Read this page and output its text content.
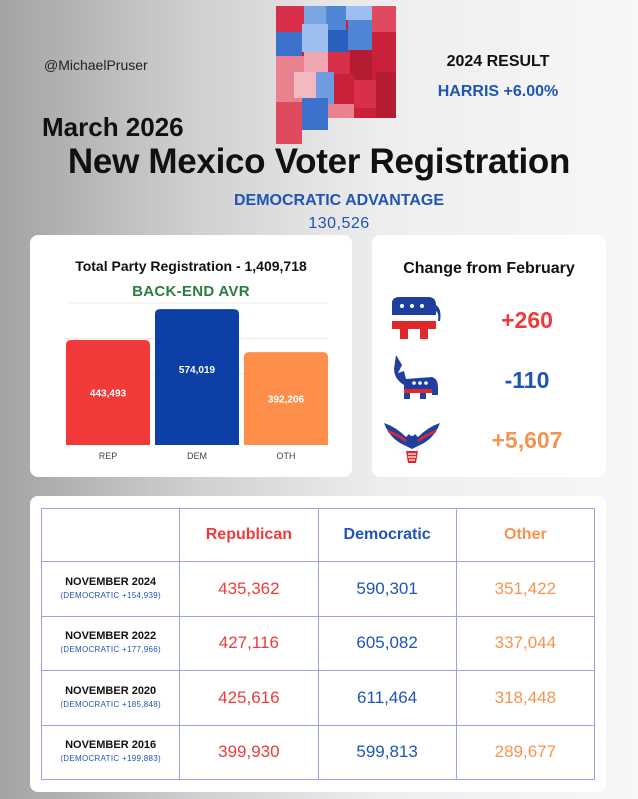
@MichaelPruser	2024 RESULT
HARRIS +6.00%
March 2026
New Mexico Voter Registration
DEMOCRATIC ADVANTAGE
130,526
Total Party Registration - 1,409,718
BACK-END AVR
443,493
REP
574,019
DEM
392,206
OTH
Change from February
+260
-110
+5,607
	Republican	Democratic	Other
NOVEMBER 2024
(DEMOCRATIC +154,939)	435,362	590,301	351,422
NOVEMBER 2022
(DEMOCRATIC +177,966)	427,116	605,082	337,044
NOVEMBER 2020
(DEMOCRATIC +185,848)	425,616	611,464	318,448
NOVEMBER 2016
(DEMOCRATIC +199,883)	399,930	599,813	289,677
